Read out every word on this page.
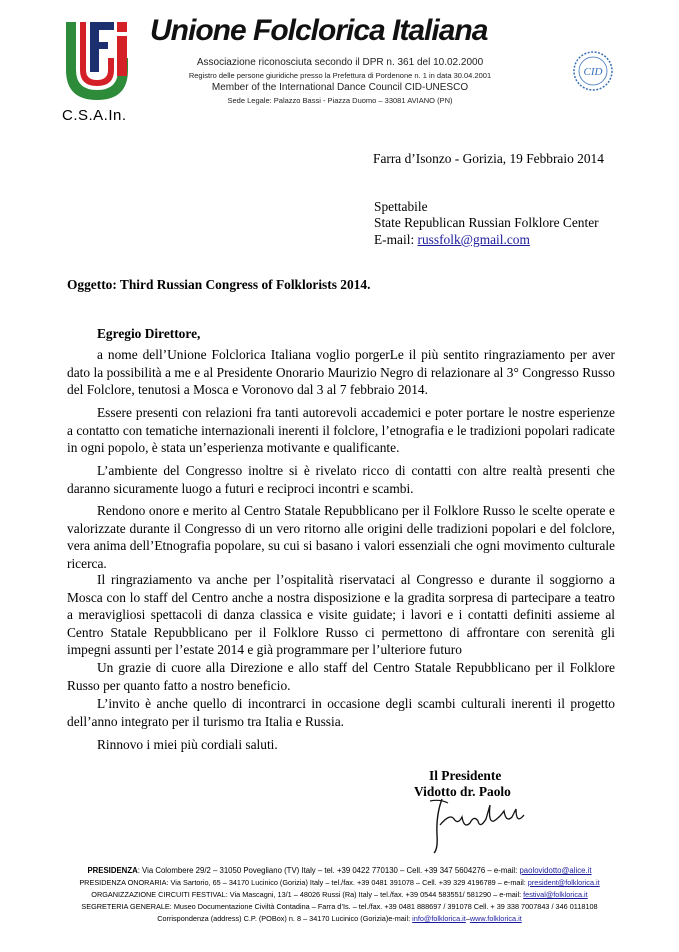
C.S.A.In.
Unione Folclorica Italiana
Associazione riconosciuta secondo il DPR n. 361 del 10.02.2000
Registro delle persone giuridiche presso la Prefettura di Pordenone n. 1 in data 30.04.2001
Member of the International Dance Council CID-UNESCO
Sede Legale: Palazzo Bassi - Piazza Duomo – 33081 AVIANO (PN)
CID
Farra d’Isonzo - Gorizia, 19 Febbraio 2014
Spettabile
State Republican Russian Folklore Center
E-mail: russfolk@gmail.com
Oggetto: Third Russian Congress of Folklorists 2014.
Egregio Direttore,
a nome dell’Unione Folclorica Italiana voglio porgerLe il più sentito ringraziamento per aver dato la possibilità a me e al Presidente Onorario Maurizio Negro di relazionare al 3° Congresso Russo del Folclore, tenutosi a Mosca e Voronovo dal 3 al 7 febbraio 2014.
Essere presenti con relazioni fra tanti autorevoli accademici e poter portare le nostre esperienze a contatto con tematiche internazionali inerenti il folclore, l’etnografia e le tradizioni popolari radicate in ogni popolo, è stata un’esperienza motivante e qualificante.
L’ambiente del Congresso inoltre si è rivelato ricco di contatti con altre realtà presenti che daranno sicuramente luogo a futuri e reciproci incontri e scambi.
Rendono onore e merito al Centro Statale Repubblicano per il Folklore Russo le scelte operate e valorizzate durante il Congresso di un vero ritorno alle origini delle tradizioni popolari e del folclore, vera anima dell’Etnografia popolare, su cui si basano i valori essenziali che ogni movimento culturale ricerca.
Il ringraziamento va anche per l’ospitalità riservataci al Congresso e durante il soggiorno a Mosca con lo staff del Centro anche a nostra disposizione e la gradita sorpresa di partecipare a teatro a meravigliosi spettacoli di danza classica e visite guidate; i lavori e i contatti definiti assieme al Centro Statale Repubblicano per il Folklore Russo ci permettono di affrontare con serenità gli impegni assunti per l’estate 2014 e già programmare per l’ulteriore futuro
Un grazie di cuore alla Direzione e allo staff del Centro Statale Repubblicano per il Folklore Russo per quanto fatto a nostro beneficio.
L’invito è anche quello di incontrarci in occasione degli scambi culturali inerenti il progetto dell’anno integrato per il turismo tra Italia e Russia.
Rinnovo i miei più cordiali saluti.
Il Presidente
Vidotto dr. Paolo
PRESIDENZA: Via Colombere 29/2 – 31050 Povegliano (TV) Italy – tel. +39 0422 770130 – Cell. +39 347 5604276 – e-mail: paolovidotto@alice.it
PRESIDENZA ONORARIA: Via Sartorio, 65 – 34170 Lucinico (Gorizia) Italy – tel./fax. +39 0481 391078 – Cell. +39 329 4196789 – e-mail: president@folklorica.it
ORGANIZZAZIONE CIRCUITI FESTIVAL: Via Mascagni, 13/1 – 48026 Russi (Ra) Italy – tel./fax. +39 0544 583551/ 581290 – e-mail: festival@folklorica.it
SEGRETERIA GENERALE: Museo Documentazione Civiltà Contadina – Farra d’Is. – tel./fax. +39 0481 888697 / 391078 Cell. + 39 338 7007843 / 346 0118108
Corrispondenza (address) C.P. (POBox) n. 8 – 34170 Lucinico (Gorizia)e-mail: info@folklorica.it–www.folklorica.it
